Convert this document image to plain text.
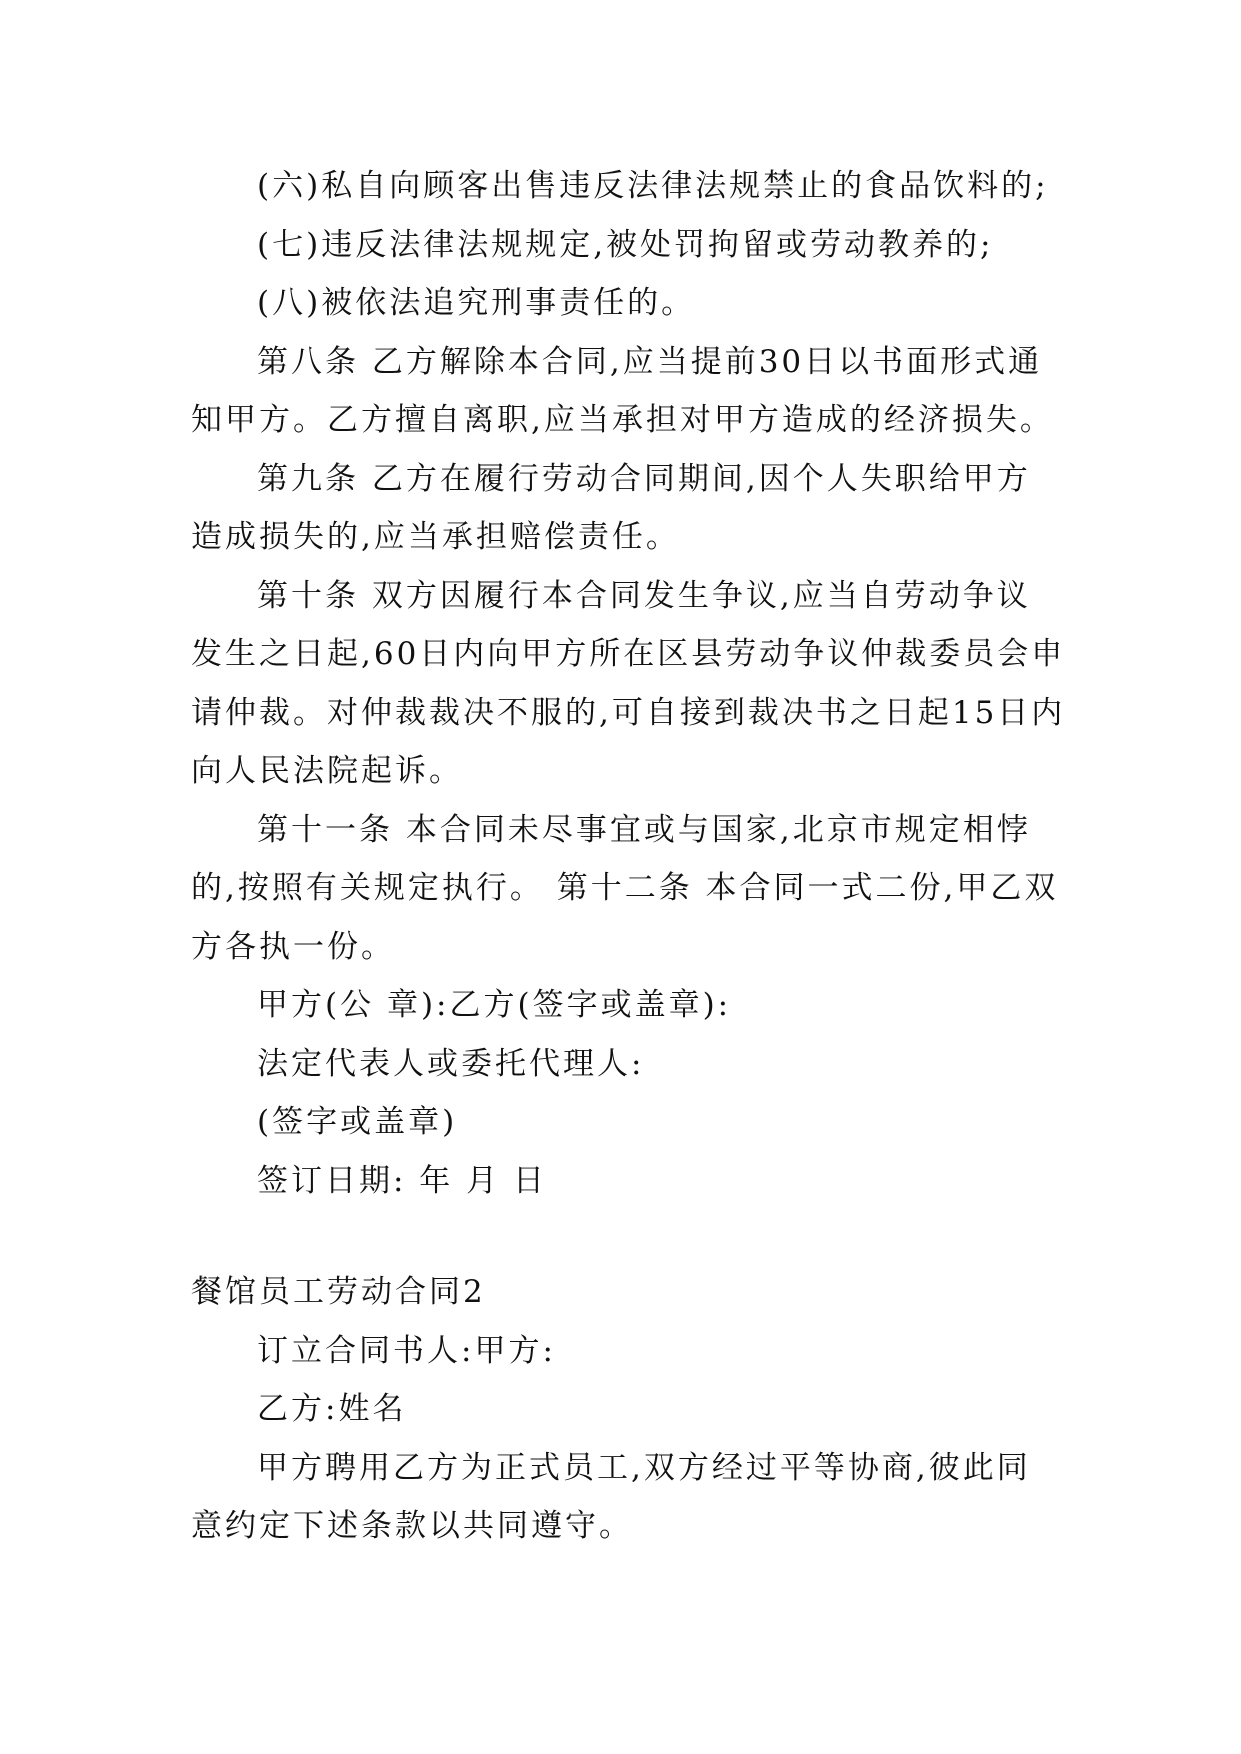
(六)私自向顾客出售违反法律法规禁止的食品饮料的;
(七)违反法律法规规定,被处罚拘留或劳动教养的;
(八)被依法追究刑事责任的。
第八条 乙方解除本合同,应当提前30日以书面形式通
知甲方。乙方擅自离职,应当承担对甲方造成的经济损失。
第九条 乙方在履行劳动合同期间,因个人失职给甲方
造成损失的,应当承担赔偿责任。
第十条 双方因履行本合同发生争议,应当自劳动争议
发生之日起,60日内向甲方所在区县劳动争议仲裁委员会申
请仲裁。对仲裁裁决不服的,可自接到裁决书之日起15日内
向人民法院起诉。
第十一条 本合同未尽事宜或与国家,北京市规定相悖
的,按照有关规定执行。 第十二条 本合同一式二份,甲乙双
方各执一份。
甲方(公 章):乙方(签字或盖章):
法定代表人或委托代理人:
(签字或盖章)
签订日期: 年 月 日
餐馆员工劳动合同2
订立合同书人:甲方:
乙方:姓名
甲方聘用乙方为正式员工,双方经过平等协商,彼此同
意约定下述条款以共同遵守。
